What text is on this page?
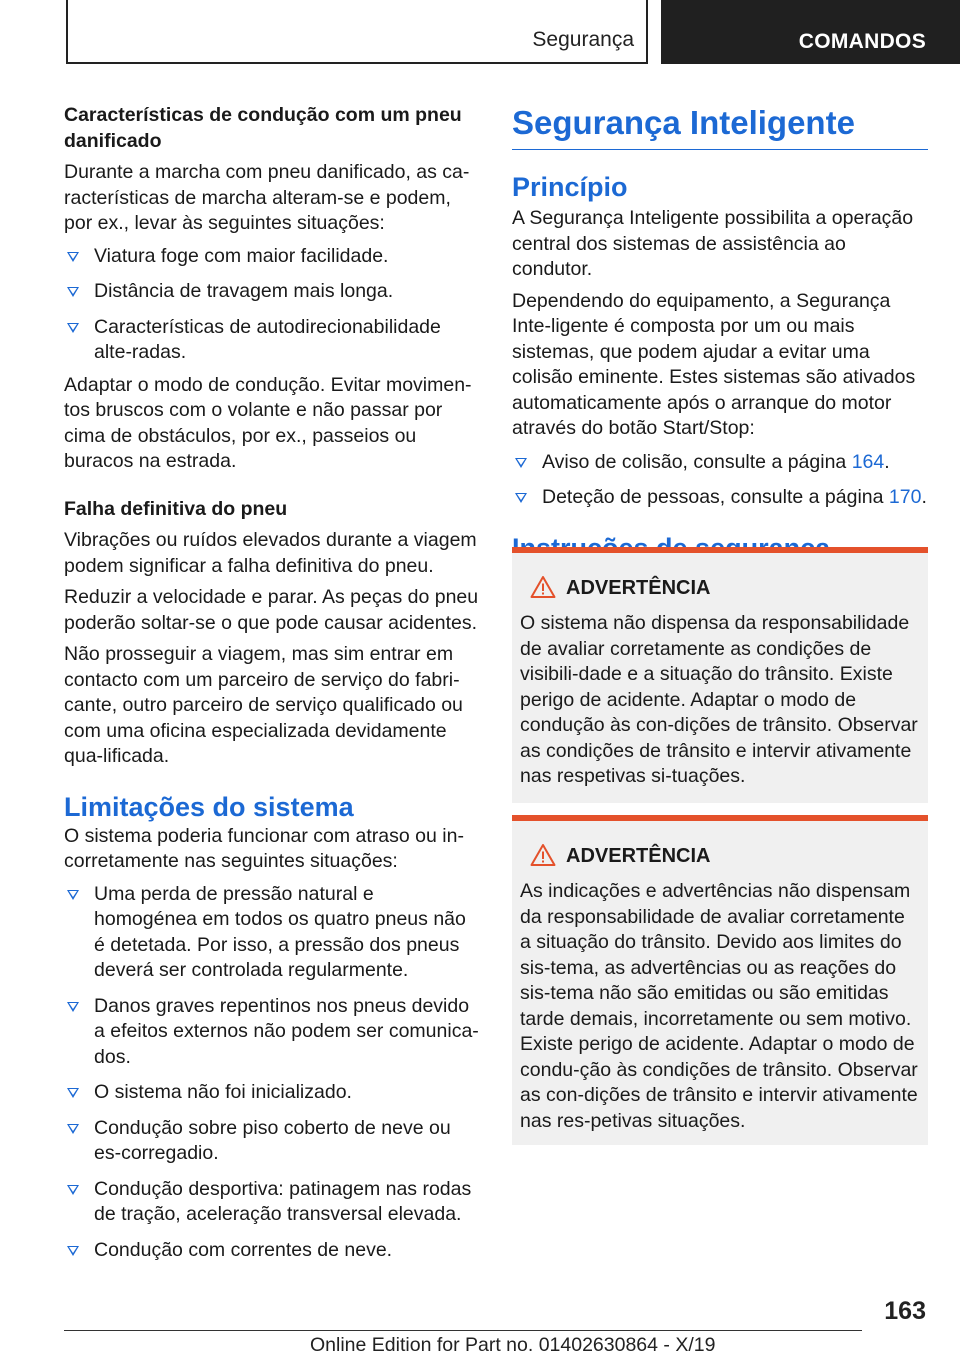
Segurança	COMANDOS
Características de condução com um pneu danificado

Durante a marcha com pneu danificado, as ca-racterísticas de marcha alteram-se e podem, por ex., levar às seguintes situações:

Viatura foge com maior facilidade.
Distância de travagem mais longa.
Características de autodirecionabilidade alte-radas.

Adaptar o modo de condução. Evitar movimen-tos bruscos com o volante e não passar por cima de obstáculos, por ex., passeios ou buracos na estrada.

Falha definitiva do pneu

Vibrações ou ruídos elevados durante a viagem podem significar a falha definitiva do pneu.

Reduzir a velocidade e parar. As peças do pneu poderão soltar-se o que pode causar acidentes.

Não prosseguir a viagem, mas sim entrar em contacto com um parceiro de serviço do fabri-cante, outro parceiro de serviço qualificado ou com uma oficina especializada devidamente qua-lificada.

Limitações do sistema

O sistema poderia funcionar com atraso ou in-corretamente nas seguintes situações:

Uma perda de pressão natural e homogénea em todos os quatro pneus não é detetada. Por isso, a pressão dos pneus deverá ser controlada regularmente.
Danos graves repentinos nos pneus devido a efeitos externos não podem ser comunica-dos.
O sistema não foi inicializado.
Condução sobre piso coberto de neve ou es-corregadio.
Condução desportiva: patinagem nas rodas de tração, aceleração transversal elevada.
Condução com correntes de neve.
Segurança Inteligente
Princípio

A Segurança Inteligente possibilita a operação central dos sistemas de assistência ao condutor.

Dependendo do equipamento, a Segurança Inte-ligente é composta por um ou mais sistemas, que podem ajudar a evitar uma colisão eminente. Estes sistemas são ativados automaticamente após o arranque do motor através do botão Start/Stop:

Aviso de colisão, consulte a página 164.
Deteção de pessoas, consulte a página 170.
ADVERTÊNCIA

O sistema não dispensa da responsabilidade de avaliar corretamente as condições de visibili-dade e a situação do trânsito. Existe perigo de acidente. Adaptar o modo de condução às con-dições de trânsito. Observar as condições de trânsito e intervir ativamente nas respetivas si-tuações.

ADVERTÊNCIA

As indicações e advertências não dispensam da responsabilidade de avaliar corretamente a situação do trânsito. Devido aos limites do sis-tema, as advertências ou as reações do sis-tema não são emitidas ou são emitidas tarde demais, incorretamente ou sem motivo. Existe perigo de acidente. Adaptar o modo de condu-ção às condições de trânsito. Observar as con-dições de trânsito e intervir ativamente nas res-petivas situações.

163
Online Edition for Part no. 01402630864 - X/19
